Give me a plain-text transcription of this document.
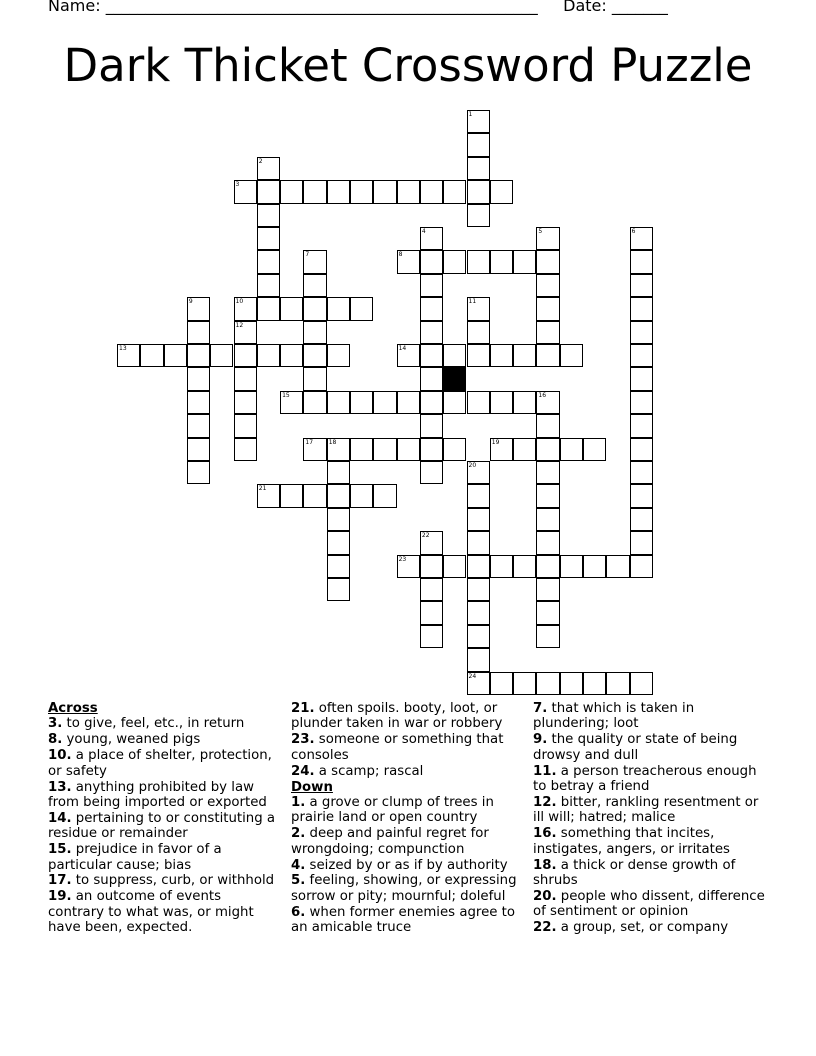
Name: ______________________________________________________ Date: _______
Dark Thicket Crossword Puzzle
1
2
3
4	5	6
7	8
9	10	11
12
13	14
15	16
17	18	19
20
24
21
22
23
Across
3. to give, feel, etc., in return
8. young, weaned pigs
10. a place of shelter, protection, or safety
13. anything prohibited by law from being imported or exported
14. pertaining to or constituting a residue or remainder
15. prejudice in favor of a particular cause; bias
17. to suppress, curb, or withhold
19. an outcome of events contrary to what was, or might have been, expected.
21. often spoils. booty, loot, or plunder taken in war or robbery
23. someone or something that consoles
24. a scamp; rascal
Down
1. a grove or clump of trees in prairie land or open country
2. deep and painful regret for wrongdoing; compunction
4. seized by or as if by authority
5. feeling, showing, or expressing sorrow or pity; mournful; doleful
6. when former enemies agree to an amicable truce
7. that which is taken in plundering; loot
9. the quality or state of being drowsy and dull
11. a person treacherous enough to betray a friend
12. bitter, rankling resentment or ill will; hatred; malice
16. something that incites, instigates, angers, or irritates
18. a thick or dense growth of shrubs
20. people who dissent, difference of sentiment or opinion
22. a group, set, or company
